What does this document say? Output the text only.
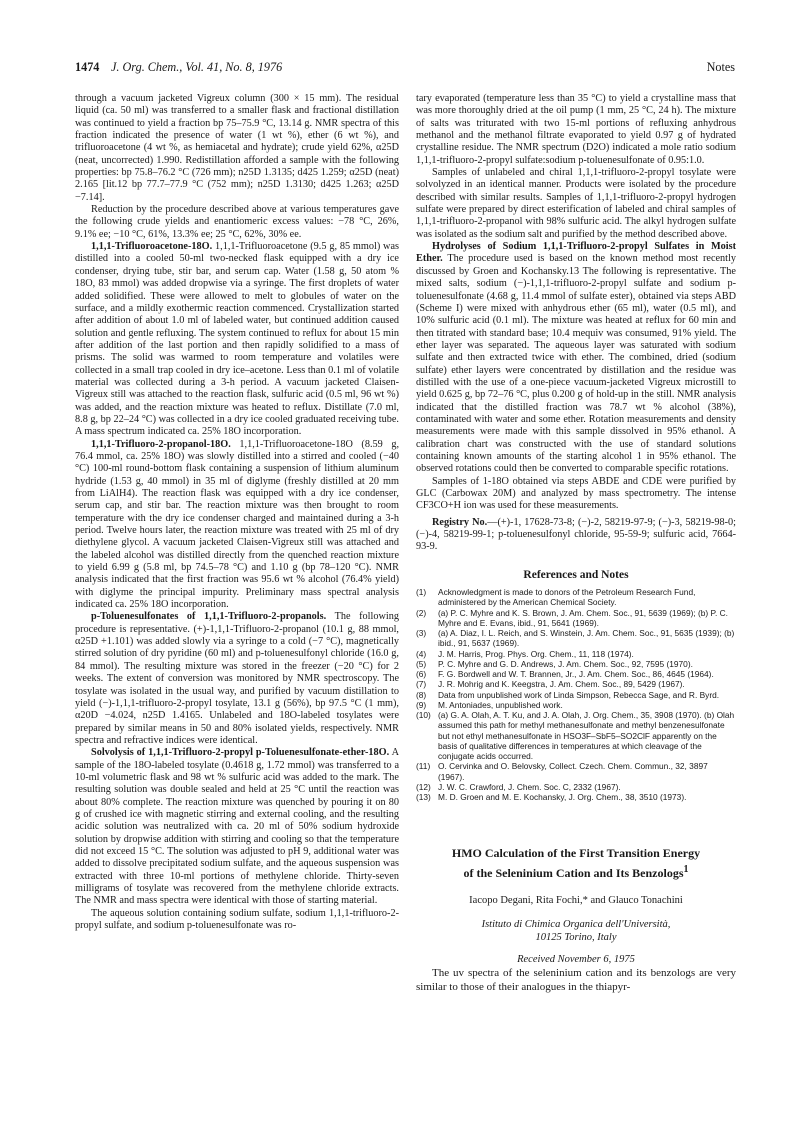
1474 J. Org. Chem., Vol. 41, No. 8, 1976	Notes

through a vacuum jacketed Vigreux column (300 × 15 mm). The residual liquid (ca. 50 ml) was transferred to a smaller flask and fractional distillation was continued to yield a fraction bp 75–75.9 °C, 13.14 g. NMR spectra of this fraction indicated the presence of water (1 wt %), ether (6 wt %), and trifluoroacetone (4 wt %, as hemiacetal and hydrate); crude yield 62%, α25D (neat, uncorrected) 1.990. Redistillation afforded a sample with the following properties: bp 75.8–76.2 °C (726 mm); n25D 1.3135; d425 1.259; α25D (neat) 2.165 [lit.12 bp 77.7–77.9 °C (752 mm); n25D 1.3130; d425 1.263; α25D −7.14].

Reduction by the procedure described above at various temperatures gave the following crude yields and enantiomeric excess values: −78 °C, 26%, 9.1% ee; −10 °C, 61%, 13.3% ee; 25 °C, 62%, 30% ee.

1,1,1-Trifluoroacetone-18O. 1,1,1-Trifluoroacetone (9.5 g, 85 mmol) was distilled into a cooled 50-ml two-necked flask equipped with a dry ice condenser, drying tube, stir bar, and serum cap. Water (1.58 g, 50 atom % 18O, 83 mmol) was added dropwise via a syringe. The first droplets of water added solidified. These were allowed to melt to globules of water on the surface, and a mildly exothermic reaction commenced. Crystallization started after addition of about 1.0 ml of labeled water, but continued addition caused solution and gentle refluxing. The system continued to reflux for about 15 min after addition of the last portion and then rapidly solidified to a mass of prisms. The solid was warmed to room temperature and volatiles were collected in a small trap cooled in dry ice–acetone. Less than 0.1 ml of volatile material was collected during a 3-h period. A vacuum jacketed Claisen-Vigreux still was attached to the reaction flask, sulfuric acid (0.5 ml, 96 wt %) was added, and the reaction mixture was heated to reflux. Distillate (7.0 ml, 8.8 g, bp 22–24 °C) was collected in a dry ice cooled graduated receiving tube. A mass spectrum indicated ca. 25% 18O incorporation.

1,1,1-Trifluoro-2-propanol-18O. 1,1,1-Trifluoroacetone-18O (8.59 g, 76.4 mmol, ca. 25% 18O) was slowly distilled into a stirred and cooled (−40 °C) 100-ml round-bottom flask containing a suspension of lithium aluminum hydride (1.53 g, 40 mmol) in 35 ml of diglyme (freshly distilled at 20 mm from LiAlH4). The reaction flask was equipped with a dry ice condenser, serum cap, and stir bar. The reaction mixture was then brought to room temperature with the dry ice condenser charged and maintained during a 3-h period. Twelve hours later, the reaction mixture was treated with 25 ml of dry diethylene glycol. A vacuum jacketed Claisen-Vigreux still was attached and the labeled alcohol was distilled directly from the quenched reaction mixture to yield 6.99 g (5.8 ml, bp 74.5–78 °C) and 1.10 g (bp 78–120 °C). NMR analysis indicated that the first fraction was 95.6 wt % alcohol (76.4% yield) with diglyme the principal impurity. Preliminary mass spectral analysis indicated ca. 25% 18O incorporation.

p-Toluenesulfonates of 1,1,1-Trifluoro-2-propanols. The following procedure is representative. (+)-1,1,1-Trifluoro-2-propanol (10.1 g, 88 mmol, α25D +1.101) was added slowly via a syringe to a cold (−7 °C), magnetically stirred solution of dry pyridine (60 ml) and p-toluenesulfonyl chloride (16.0 g, 84 mmol). The resulting mixture was stored in the freezer (−20 °C) for 2 weeks. The extent of conversion was monitored by NMR spectroscopy. The tosylate was isolated in the usual way, and purified by vacuum distillation to yield (−)-1,1,1-trifluoro-2-propyl tosylate, 13.1 g (56%), bp 97.5 °C (1 mm), α20D −4.024, n25D 1.4165. Unlabeled and 18O-labeled tosylates were prepared by similar means in 50 and 80% isolated yields, respectively. NMR spectra and refractive indices were identical.

Solvolysis of 1,1,1-Trifluoro-2-propyl p-Toluenesulfonate-ether-18O. A sample of the 18O-labeled tosylate (0.4618 g, 1.72 mmol) was transferred to a 10-ml volumetric flask and 98 wt % sulfuric acid was added to the mark. The resulting solution was double sealed and held at 25 °C until the reaction was about 80% complete. The reaction mixture was quenched by pouring it on 80 g of crushed ice with magnetic stirring and external cooling, and the resulting acidic solution was neutralized with ca. 20 ml of 50% sodium hydroxide solution by dropwise addition with stirring and cooling so that the temperature did not exceed 15 °C. The solution was adjusted to pH 9, additional water was added to dissolve precipitated sodium sulfate, and the aqueous suspension was extracted with three 10-ml portions of methylene chloride. Thirty-seven milligrams of tosylate was recovered from the methylene chloride extracts. The NMR and mass spectra were identical with those of starting material.

The aqueous solution containing sodium sulfate, sodium 1,1,1-trifluoro-2-propyl sulfate, and sodium p-toluenesulfonate was ro-

tary evaporated (temperature less than 35 °C) to yield a crystalline mass that was more thoroughly dried at the oil pump (1 mm, 25 °C, 24 h). The mixture of salts was triturated with two 15-ml portions of refluxing anhydrous methanol and the methanol filtrate evaporated to yield 0.97 g of hydrated crystalline residue. The NMR spectrum (D2O) indicated a mole ratio sodium 1,1,1-trifluoro-2-propyl sulfate:sodium p-toluenesulfonate of 0.95:1.0.

Samples of unlabeled and chiral 1,1,1-trifluoro-2-propyl tosylate were solvolyzed in an identical manner. Products were isolated by the procedure described with similar results. Samples of 1,1,1-trifluoro-2-propyl hydrogen sulfate were prepared by direct esterification of labeled and chiral samples of 1,1,1-trifluoro-2-propanol with 98% sulfuric acid. The alkyl hydrogen sulfate was isolated as the sodium salt and purified by the method described above.

Hydrolyses of Sodium 1,1,1-Trifluoro-2-propyl Sulfates in Moist Ether. The procedure used is based on the known method most recently discussed by Groen and Kochansky.13 The following is representative. The mixed salts, sodium (−)-1,1,1-trifluoro-2-propyl sulfate and sodium p-toluenesulfonate (4.68 g, 11.4 mmol of sulfate ester), obtained via steps ABD (Scheme I) were mixed with anhydrous ether (65 ml), water (0.5 ml), and 10% sulfuric acid (0.1 ml). The mixture was heated at reflux for 60 min and then titrated with standard base; 10.4 mequiv was consumed, 91% yield. The ether layer was separated. The aqueous layer was saturated with sodium sulfate and then extracted twice with ether. The combined, dried (sodium sulfate) ether layers were concentrated by distillation and the residue was distilled with the use of a one-piece vacuum-jacketed Vigreux microstill to yield 0.625 g, bp 72–76 °C, plus 0.200 g of hold-up in the still. NMR analysis indicated that the distilled fraction was 78.7 wt % alcohol (38%), contaminated with water and some ether. Rotation measurements and density measurements were made with this sample dissolved in 95% ethanol. A calibration chart was constructed with the use of standard solutions containing known amounts of the starting alcohol 1 in 95% ethanol. The observed rotations could then be converted to comparable specific rotations.

Samples of 1-18O obtained via steps ABDE and CDE were purified by GLC (Carbowax 20M) and analyzed by mass spectrometry. The intense CF3CO+H ion was used for these measurements.

Registry No.—(+)-1, 17628-73-8; (−)-2, 58219-97-9; (−)-3, 58219-98-0; (−)-4, 58219-99-1; p-toluenesulfonyl chloride, 95-59-9; sulfuric acid, 7664-93-9.

References and Notes
(1) Acknowledgment is made to donors of the Petroleum Research Fund, administered by the American Chemical Society.
(2) (a) P. C. Myhre and K. S. Brown, J. Am. Chem. Soc., 91, 5639 (1969); (b) P. C. Myhre and E. Evans, ibid., 91, 5641 (1969).
(3) (a) A. Diaz, I. L. Reich, and S. Winstein, J. Am. Chem. Soc., 91, 5635 (1939); (b) ibid., 91, 5637 (1969).
(4) J. M. Harris, Prog. Phys. Org. Chem., 11, 118 (1974).
(5) P. C. Myhre and G. D. Andrews, J. Am. Chem. Soc., 92, 7595 (1970).
(6) F. G. Bordwell and W. T. Brannen, Jr., J. Am. Chem. Soc., 86, 4645 (1964).
(7) J. R. Mohrig and K. Keegstra, J. Am. Chem. Soc., 89, 5429 (1967).
(8) Data from unpublished work of Linda Simpson, Rebecca Sage, and R. Byrd.
(9) M. Antoniades, unpublished work.
(10) (a) G. A. Olah, A. T. Ku, and J. A. Olah, J. Org. Chem., 35, 3908 (1970). (b) Olah assumed this path for methyl methanesulfonate and methyl benzenesulfonate but not ethyl methanesulfonate in HSO3F–SbF5–SO2ClF apparently on the basis of qualitative differences in temperatures at which cleavage of the conjugate acids occurred.
(11) O. Cervinka and O. Belovsky, Collect. Czech. Chem. Commun., 32, 3897 (1967).
(12) J. W. C. Crawford, J. Chem. Soc. C, 2332 (1967).
(13) M. D. Groen and M. E. Kochansky, J. Org. Chem., 38, 3510 (1973).
HMO Calculation of the First Transition Energy
of the Seleninium Cation and Its Benzologs$^1$
Iacopo Degani, Rita Fochi,* and Glauco Tonachini
Istituto di Chimica Organica dell'Università,
10125 Torino, Italy
Received November 6, 1975

The uv spectra of the seleninium cation and its benzologs are very similar to those of their analogues in the thiapyr-
